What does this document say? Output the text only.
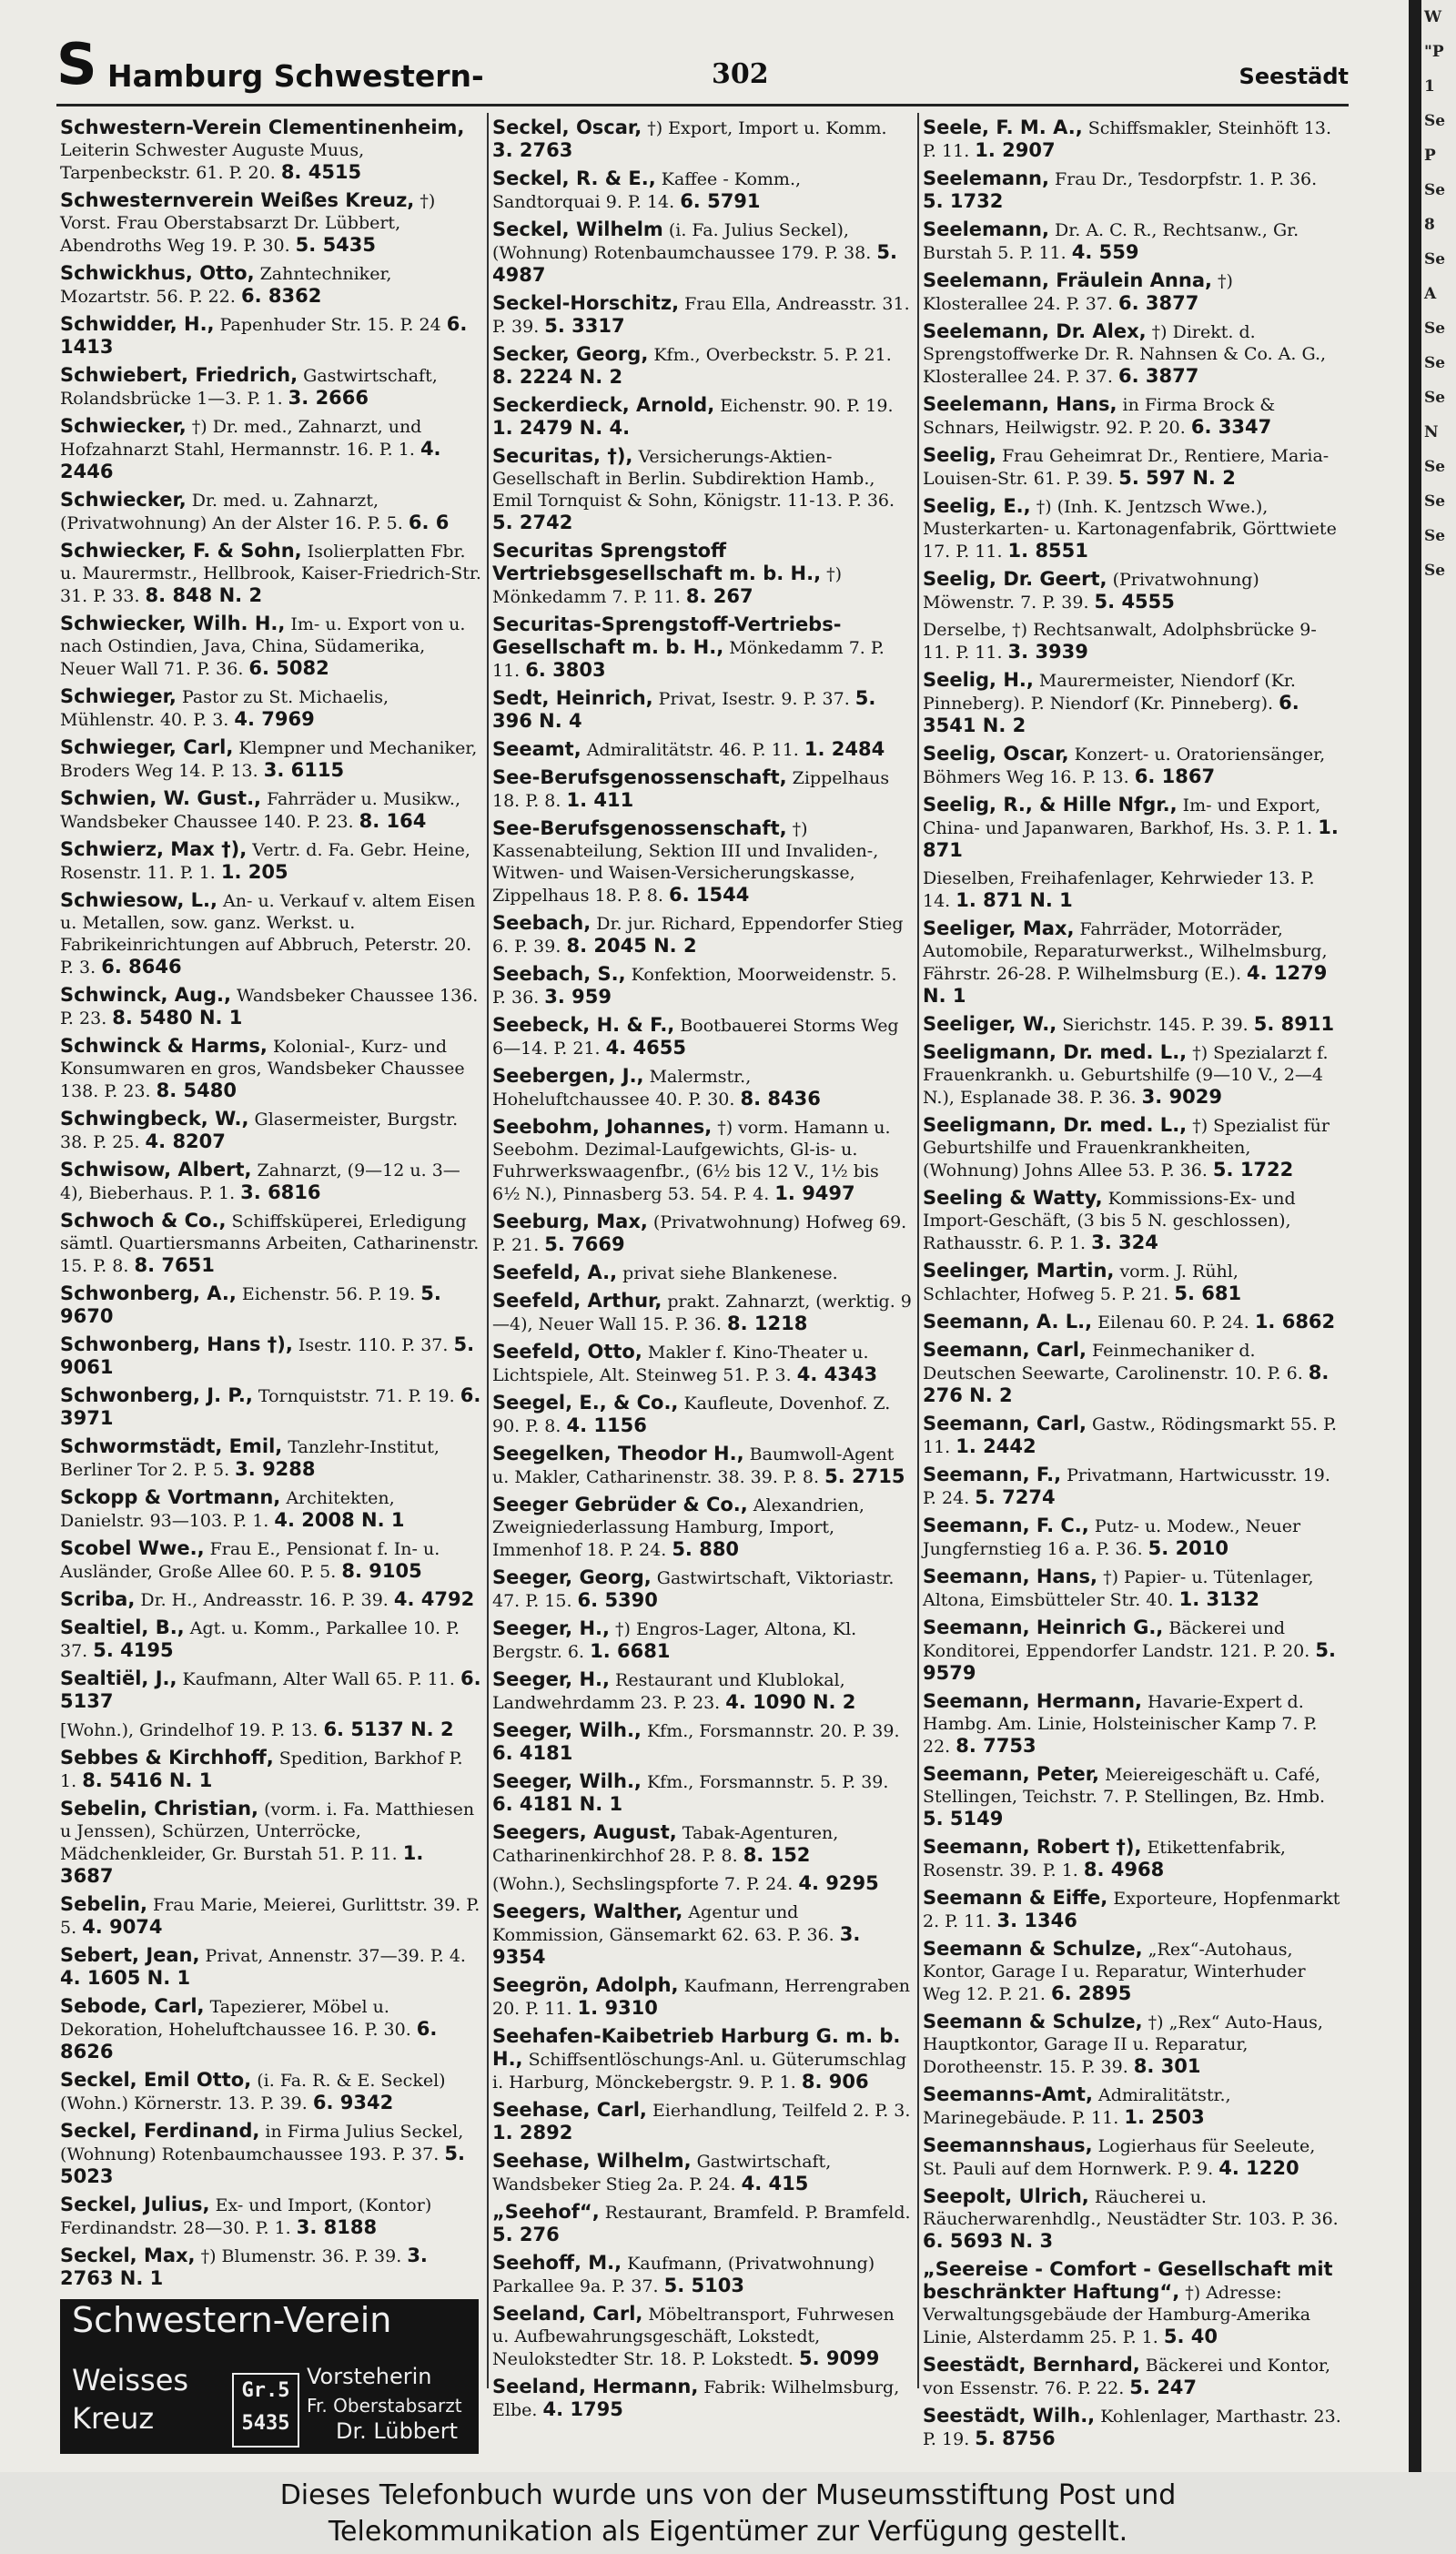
S Hamburg Schwestern-	302	Seestädt
Schwestern-Verein Clementinenheim, Leiterin Schwester Auguste Muus, Tarpenbeckstr. 61. P. 20. 8. 4515
Schwesternverein Weißes Kreuz, †) Vorst. Frau Oberstabsarzt Dr. Lübbert, Abendroths Weg 19. P. 30. 5. 5435
Schwickhus, Otto, Zahntechniker, Mozartstr. 56. P. 22. 6. 8362
Schwidder, H., Papenhuder Str. 15. P. 24 6. 1413
Schwiebert, Friedrich, Gastwirtschaft, Rolandsbrücke 1—3. P. 1. 3. 2666
Schwiecker, †) Dr. med., Zahnarzt, und Hofzahnarzt Stahl, Hermannstr. 16. P. 1. 4. 2446
Schwiecker, Dr. med. u. Zahnarzt, (Privatwohnung) An der Alster 16. P. 5. 6. 6
Schwiecker, F. & Sohn, Isolierplatten Fbr. u. Maurermstr., Hellbrook, Kaiser-Friedrich-Str. 31. P. 33. 8. 848 N. 2
Schwiecker, Wilh. H., Im- u. Export von u. nach Ostindien, Java, China, Südamerika, Neuer Wall 71. P. 36. 6. 5082
Schwieger, Pastor zu St. Michaelis, Mühlenstr. 40. P. 3. 4. 7969
Schwieger, Carl, Klempner und Mechaniker, Broders Weg 14. P. 13. 3. 6115
Schwien, W. Gust., Fahrräder u. Musikw., Wandsbeker Chaussee 140. P. 23. 8. 164
Schwierz, Max †), Vertr. d. Fa. Gebr. Heine, Rosenstr. 11. P. 1. 1. 205
Schwiesow, L., An- u. Verkauf v. altem Eisen u. Metallen, sow. ganz. Werkst. u. Fabrikeinrichtungen auf Abbruch, Peterstr. 20. P. 3. 6. 8646
Schwinck, Aug., Wandsbeker Chaussee 136. P. 23. 8. 5480 N. 1
Schwinck & Harms, Kolonial-, Kurz- und Konsumwaren en gros, Wandsbeker Chaussee 138. P. 23. 8. 5480
Schwingbeck, W., Glasermeister, Burgstr. 38. P. 25. 4. 8207
Schwisow, Albert, Zahnarzt, (9—12 u. 3—4), Bieberhaus. P. 1. 3. 6816
Schwoch & Co., Schiffsküperei, Erledigung sämtl. Quartiersmanns Arbeiten, Catharinenstr. 15. P. 8. 8. 7651
Schwonberg, A., Eichenstr. 56. P. 19. 5. 9670
Schwonberg, Hans †), Isestr. 110. P. 37. 5. 9061
Schwonberg, J. P., Tornquiststr. 71. P. 19. 6. 3971
Schwormstädt, Emil, Tanzlehr-Institut, Berliner Tor 2. P. 5. 3. 9288
Sckopp & Vortmann, Architekten, Danielstr. 93—103. P. 1. 4. 2008 N. 1
Scobel Wwe., Frau E., Pensionat f. In- u. Ausländer, Große Allee 60. P. 5. 8. 9105
Scriba, Dr. H., Andreasstr. 16. P. 39. 4. 4792
Sealtiel, B., Agt. u. Komm., Parkallee 10. P. 37. 5. 4195
Sealtiël, J., Kaufmann, Alter Wall 65. P. 11. 6. 5137
[Wohn.), Grindelhof 19. P. 13. 6. 5137 N. 2
Sebbes & Kirchhoff, Spedition, Barkhof P. 1. 8. 5416 N. 1
Sebelin, Christian, (vorm. i. Fa. Matthiesen u Jenssen), Schürzen, Unterröcke, Mädchenkleider, Gr. Burstah 51. P. 11. 1. 3687
Sebelin, Frau Marie, Meierei, Gurlittstr. 39. P. 5. 4. 9074
Sebert, Jean, Privat, Annenstr. 37—39. P. 4. 4. 1605 N. 1
Sebode, Carl, Tapezierer, Möbel u. Dekoration, Hoheluftchaussee 16. P. 30. 6. 8626
Seckel, Emil Otto, (i. Fa. R. & E. Seckel) (Wohn.) Körnerstr. 13. P. 39. 6. 9342
Seckel, Ferdinand, in Firma Julius Seckel, (Wohnung) Rotenbaumchaussee 193. P. 37. 5. 5023
Seckel, Julius, Ex- und Import, (Kontor) Ferdinandstr. 28—30. P. 1. 3. 8188
Seckel, Max, †) Blumenstr. 36. P. 39. 3. 2763 N. 1
Schwestern-Verein
Weisses
Kreuz
Vorsteherin
Fr. Oberstabsarzt
Dr. Lübbert
Gr.5
5435
Seckel, Oscar, †) Export, Import u. Komm. 3. 2763
Seckel, R. & E., Kaffee - Komm., Sandtorquai 9. P. 14. 6. 5791
Seckel, Wilhelm (i. Fa. Julius Seckel), (Wohnung) Rotenbaumchaussee 179. P. 38. 5. 4987
Seckel-Horschitz, Frau Ella, Andreasstr. 31. P. 39. 5. 3317
Secker, Georg, Kfm., Overbeckstr. 5. P. 21. 8. 2224 N. 2
Seckerdieck, Arnold, Eichenstr. 90. P. 19. 1. 2479 N. 4.
Securitas, †), Versicherungs-Aktien-Gesellschaft in Berlin. Subdirektion Hamb., Emil Tornquist & Sohn, Königstr. 11-13. P. 36. 5. 2742
Securitas Sprengstoff Vertriebsgesellschaft m. b. H., †) Mönkedamm 7. P. 11. 8. 267
Securitas-Sprengstoff-Vertriebs-Gesellschaft m. b. H., Mönkedamm 7. P. 11. 6. 3803
Sedt, Heinrich, Privat, Isestr. 9. P. 37. 5. 396 N. 4
Seeamt, Admiralitätstr. 46. P. 11. 1. 2484
See-Berufsgenossenschaft, Zippelhaus 18. P. 8. 1. 411
See-Berufsgenossenschaft, †) Kassenabteilung, Sektion III und Invaliden-, Witwen- und Waisen-Versicherungskasse, Zippelhaus 18. P. 8. 6. 1544
Seebach, Dr. jur. Richard, Eppendorfer Stieg 6. P. 39. 8. 2045 N. 2
Seebach, S., Konfektion, Moorweidenstr. 5. P. 36. 3. 959
Seebeck, H. & F., Bootbauerei Storms Weg 6—14. P. 21. 4. 4655
Seebergen, J., Malermstr., Hoheluftchaussee 40. P. 30. 8. 8436
Seebohm, Johannes, †) vorm. Hamann u. Seebohm. Dezimal-Laufgewichts, Gl-is- u. Fuhrwerkswaagenfbr., (6½ bis 12 V., 1½ bis 6½ N.), Pinnasberg 53. 54. P. 4. 1. 9497
Seeburg, Max, (Privatwohnung) Hofweg 69. P. 21. 5. 7669
Seefeld, A., privat siehe Blankenese.
Seefeld, Arthur, prakt. Zahnarzt, (werktig. 9—4), Neuer Wall 15. P. 36. 8. 1218
Seefeld, Otto, Makler f. Kino-Theater u. Lichtspiele, Alt. Steinweg 51. P. 3. 4. 4343
Seegel, E., & Co., Kaufleute, Dovenhof. Z. 90. P. 8. 4. 1156
Seegelken, Theodor H., Baumwoll-Agent u. Makler, Catharinenstr. 38. 39. P. 8. 5. 2715
Seeger Gebrüder & Co., Alexandrien, Zweigniederlassung Hamburg, Import, Immenhof 18. P. 24. 5. 880
Seeger, Georg, Gastwirtschaft, Viktoriastr. 47. P. 15. 6. 5390
Seeger, H., †) Engros-Lager, Altona, Kl. Bergstr. 6. 1. 6681
Seeger, H., Restaurant und Klublokal, Landwehrdamm 23. P. 23. 4. 1090 N. 2
Seeger, Wilh., Kfm., Forsmannstr. 20. P. 39. 6. 4181
Seeger, Wilh., Kfm., Forsmannstr. 5. P. 39. 6. 4181 N. 1
Seegers, August, Tabak-Agenturen, Catharinenkirchhof 28. P. 8. 8. 152
(Wohn.), Sechslingspforte 7. P. 24. 4. 9295
Seegers, Walther, Agentur und Kommission, Gänsemarkt 62. 63. P. 36. 3. 9354
Seegrön, Adolph, Kaufmann, Herrengraben 20. P. 11. 1. 9310
Seehafen-Kaibetrieb Harburg G. m. b. H., Schiffsentlöschungs-Anl. u. Güterumschlag i. Harburg, Mönckebergstr. 9. P. 1. 8. 906
Seehase, Carl, Eierhandlung, Teilfeld 2. P. 3. 1. 2892
Seehase, Wilhelm, Gastwirtschaft, Wandsbeker Stieg 2a. P. 24. 4. 415
„Seehof“, Restaurant, Bramfeld. P. Bramfeld. 5. 276
Seehoff, M., Kaufmann, (Privatwohnung) Parkallee 9a. P. 37. 5. 5103
Seeland, Carl, Möbeltransport, Fuhrwesen u. Aufbewahrungsgeschäft, Lokstedt, Neulokstedter Str. 18. P. Lokstedt. 5. 9099
Seeland, Hermann, Fabrik: Wilhelmsburg, Elbe. 4. 1795
Seele, F. M. A., Schiffsmakler, Steinhöft 13. P. 11. 1. 2907
Seelemann, Frau Dr., Tesdorpfstr. 1. P. 36. 5. 1732
Seelemann, Dr. A. C. R., Rechtsanw., Gr. Burstah 5. P. 11. 4. 559
Seelemann, Fräulein Anna, †) Klosterallee 24. P. 37. 6. 3877
Seelemann, Dr. Alex, †) Direkt. d. Sprengstoffwerke Dr. R. Nahnsen & Co. A. G., Klosterallee 24. P. 37. 6. 3877
Seelemann, Hans, in Firma Brock & Schnars, Heilwigstr. 92. P. 20. 6. 3347
Seelig, Frau Geheimrat Dr., Rentiere, Maria-Louisen-Str. 61. P. 39. 5. 597 N. 2
Seelig, E., †) (Inh. K. Jentzsch Wwe.), Musterkarten- u. Kartonagenfabrik, Görttwiete 17. P. 11. 1. 8551
Seelig, Dr. Geert, (Privatwohnung) Möwenstr. 7. P. 39. 5. 4555
Derselbe, †) Rechtsanwalt, Adolphsbrücke 9-11. P. 11. 3. 3939
Seelig, H., Maurermeister, Niendorf (Kr. Pinneberg). P. Niendorf (Kr. Pinneberg). 6. 3541 N. 2
Seelig, Oscar, Konzert- u. Oratoriensänger, Böhmers Weg 16. P. 13. 6. 1867
Seelig, R., & Hille Nfgr., Im- und Export, China- und Japanwaren, Barkhof, Hs. 3. P. 1. 1. 871
Dieselben, Freihafenlager, Kehrwieder 13. P. 14. 1. 871 N. 1
Seeliger, Max, Fahrräder, Motorräder, Automobile, Reparaturwerkst., Wilhelmsburg, Fährstr. 26-28. P. Wilhelmsburg (E.). 4. 1279 N. 1
Seeliger, W., Sierichstr. 145. P. 39. 5. 8911
Seeligmann, Dr. med. L., †) Spezialarzt f. Frauenkrankh. u. Geburtshilfe (9—10 V., 2—4 N.), Esplanade 38. P. 36. 3. 9029
Seeligmann, Dr. med. L., †) Spezialist für Geburtshilfe und Frauenkrankheiten, (Wohnung) Johns Allee 53. P. 36. 5. 1722
Seeling & Watty, Kommissions-Ex- und Import-Geschäft, (3 bis 5 N. geschlossen), Rathausstr. 6. P. 1. 3. 324
Seelinger, Martin, vorm. J. Rühl, Schlachter, Hofweg 5. P. 21. 5. 681
Seemann, A. L., Eilenau 60. P. 24. 1. 6862
Seemann, Carl, Feinmechaniker d. Deutschen Seewarte, Carolinenstr. 10. P. 6. 8. 276 N. 2
Seemann, Carl, Gastw., Rödingsmarkt 55. P. 11. 1. 2442
Seemann, F., Privatmann, Hartwicusstr. 19. P. 24. 5. 7274
Seemann, F. C., Putz- u. Modew., Neuer Jungfernstieg 16 a. P. 36. 5. 2010
Seemann, Hans, †) Papier- u. Tütenlager, Altona, Eimsbütteler Str. 40. 1. 3132
Seemann, Heinrich G., Bäckerei und Konditorei, Eppendorfer Landstr. 121. P. 20. 5. 9579
Seemann, Hermann, Havarie-Expert d. Hambg. Am. Linie, Holsteinischer Kamp 7. P. 22. 8. 7753
Seemann, Peter, Meiereigeschäft u. Café, Stellingen, Teichstr. 7. P. Stellingen, Bz. Hmb. 5. 5149
Seemann, Robert †), Etikettenfabrik, Rosenstr. 39. P. 1. 8. 4968
Seemann & Eiffe, Exporteure, Hopfenmarkt 2. P. 11. 3. 1346
Seemann & Schulze, „Rex“-Autohaus, Kontor, Garage I u. Reparatur, Winterhuder Weg 12. P. 21. 6. 2895
Seemann & Schulze, †) „Rex“ Auto-Haus, Hauptkontor, Garage II u. Reparatur, Dorotheenstr. 15. P. 39. 8. 301
Seemanns-Amt, Admiralitätstr., Marinegebäude. P. 11. 1. 2503
Seemannshaus, Logierhaus für Seeleute, St. Pauli auf dem Hornwerk. P. 9. 4. 1220
Seepolt, Ulrich, Räucherei u. Räucherwarenhdlg., Neustädter Str. 103. P. 36. 6. 5693 N. 3
„Seereise - Comfort - Gesellschaft mit beschränkter Haftung“, †) Adresse: Verwaltungsgebäude der Hamburg-Amerika Linie, Alsterdamm 25. P. 1. 5. 40
Seestädt, Bernhard, Bäckerei und Kontor, von Essenstr. 76. P. 22. 5. 247
Seestädt, Wilh., Kohlenlager, Marthastr. 23. P. 19. 5. 8756
W
"P
1
Se
P
Se
8
Se
A
Se
Se
Se
N
Se
Se
Se
Se
Dieses Telefonbuch wurde uns von der Museumsstiftung Post und
Telekommunikation als Eigentümer zur Verfügung gestellt.
